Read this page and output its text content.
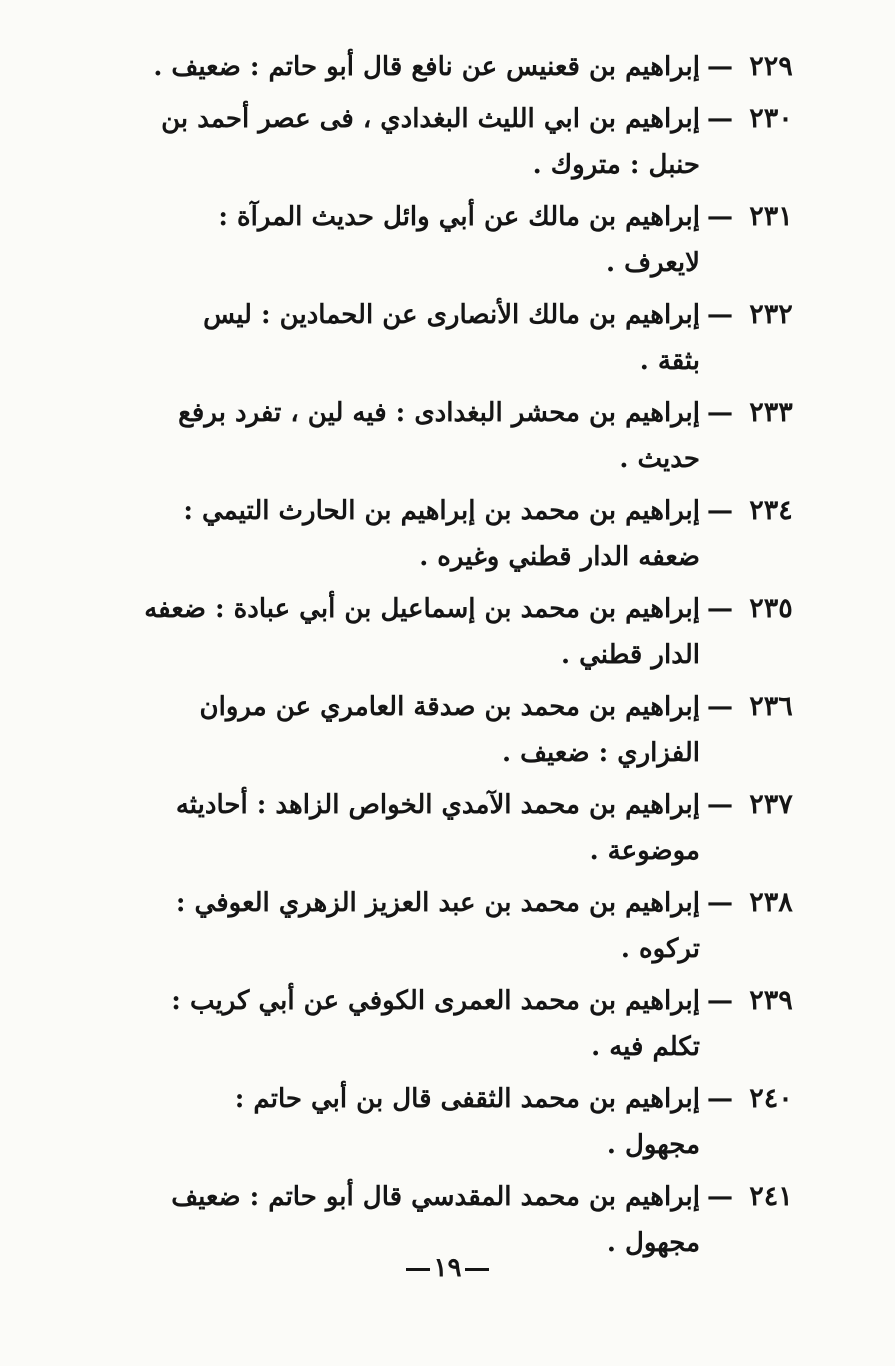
٢٢٩
—
إبراهيم بن قعنيس عن نافع قال أبو حاتم : ضعيف .
٢٣٠
—
إبراهيم بن ابي الليث البغدادي ، فى عصر أحمد بن
حنبل : متروك .
٢٣١
—
إبراهيم بن مالك عن أبي وائل حديث المرآة :
لايعرف .
٢٣٢
—
إبراهيم بن مالك الأنصارى عن الحمادين : ليس
بثقة .
٢٣٣
—
إبراهيم بن محشر البغدادى : فيه لين ، تفرد برفع
حديث .
٢٣٤
—
إبراهيم بن محمد بن إبراهيم بن الحارث التيمي :
ضعفه الدار قطني وغيره .
٢٣٥
—
إبراهيم بن محمد بن إسماعيل بن أبي عبادة : ضعفه
الدار قطني .
٢٣٦
—
إبراهيم بن محمد بن صدقة العامري عن مروان
الفزاري : ضعيف .
٢٣٧
—
إبراهيم بن محمد الآمدي الخواص الزاهد : أحاديثه
موضوعة .
٢٣٨
—
إبراهيم بن محمد بن عبد العزيز الزهري العوفي :
تركوه .
٢٣٩
—
إبراهيم بن محمد العمرى الكوفي عن أبي كريب :
تكلم فيه .
٢٤٠
—
إبراهيم بن محمد الثقفى قال بن أبي حاتم :
مجهول .
٢٤١
—
إبراهيم بن محمد المقدسي قال أبو حاتم : ضعيف
مجهول .
١٩
